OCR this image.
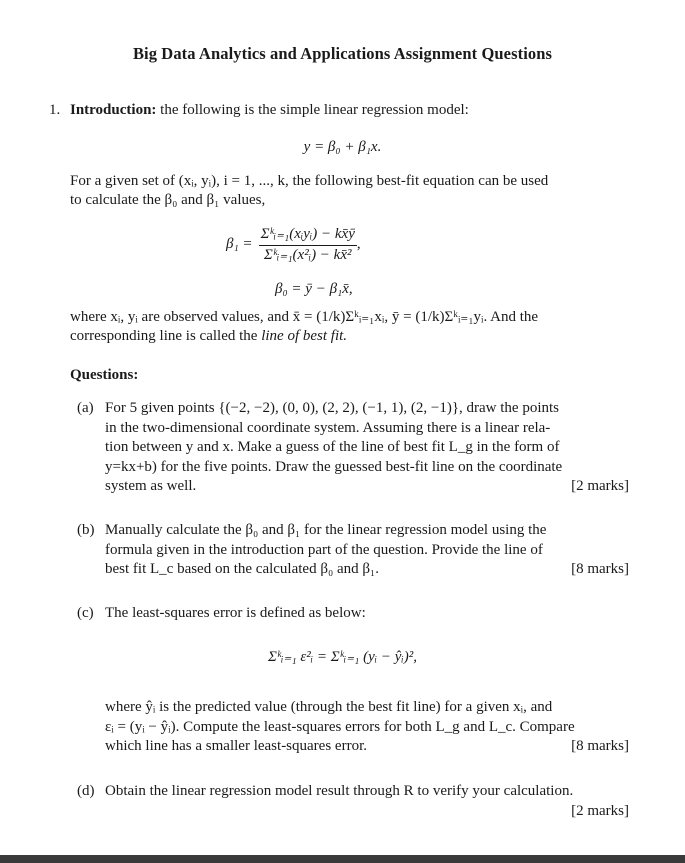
Big Data Analytics and Applications Assignment Questions
1. Introduction: the following is the simple linear regression model:
y = β₀ + β₁x.
For a given set of (xᵢ, yᵢ), i = 1, ..., k, the following best-fit equation can be used
to calculate the β₀ and β₁ values,
$\beta_1 = \frac{\text{Σᵏᵢ₌₁(xᵢyᵢ) − kx̄ȳ}}{\text{Σᵏᵢ₌₁(x²ᵢ) − kx̄²}}$ ,
β₀ = ȳ − β₁x̄,
where xᵢ, yᵢ are observed values, and x̄ = (1/k)Σᵏᵢ₌₁xᵢ, ȳ = (1/k)Σᵏᵢ₌₁yᵢ. And the
corresponding line is called the line of best fit.
Questions:
(a) For 5 given points {(−2, −2), (0, 0), (2, 2), (−1, 1), (2, −1)}, draw the points
in the two-dimensional coordinate system. Assuming there is a linear rela-
tion between y and x. Make a guess of the line of best fit L_g in the form of
y=kx+b) for the five points. Draw the guessed best-fit line on the coordinate
system as well.	[2 marks]
(b) Manually calculate the β₀ and β₁ for the linear regression model using the
formula given in the introduction part of the question. Provide the line of
best fit L_c based on the calculated β₀ and β₁.	[8 marks]
(c) The least-squares error is defined as below:
Σᵏᵢ₌₁ ε²ᵢ = Σᵏᵢ₌₁ (yᵢ − ŷᵢ)²,
where ŷᵢ is the predicted value (through the best fit line) for a given xᵢ, and
εᵢ = (yᵢ − ŷᵢ). Compute the least-squares errors for both L_g and L_c. Compare
which line has a smaller least-squares error.	[8 marks]
(d) Obtain the linear regression model result through R to verify your calculation.
[2 marks]
